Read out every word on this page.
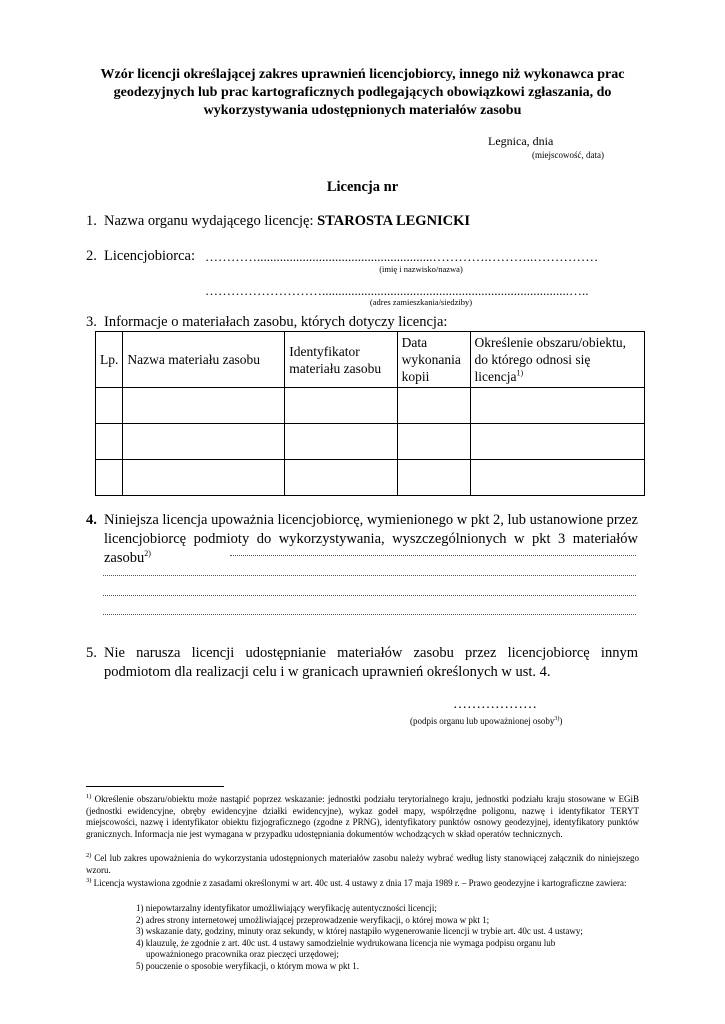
Wzór licencji określającej zakres uprawnień licencjobiorcy, innego niż wykonawca prac geodezyjnych lub prac kartograficznych podlegających obowiązkowi zgłaszania, do wykorzystywania udostępnionych materiałów zasobu
Legnica, dnia
(miejscowość, data)
Licencja nr
1. Nazwa organu wydającego licencję: STAROSTA LEGNICKI
2. Licencjobiorca: …………......................................................………….………..……………
(imię i nazwisko/nazwa)
………………………............................................................................…..
(adres zamieszkania/siedziby)
3. Informacje o materiałach zasobu, których dotyczy licencja:
Lp.	Nazwa materiału zasobu	Identyfikator materiału zasobu	Data wykonania kopii	Określenie obszaru/obiektu, do którego odnosi się licencja$^{1)}$

4. Niniejsza licencja upoważnia licencjobiorcę, wymienionego w pkt 2, lub ustanowione przez licencjobiorcę podmioty do wykorzystywania, wyszczególnionych w pkt 3 materiałów zasobu$^{2)}$
5. Nie narusza licencji udostępnianie materiałów zasobu przez licencjobiorcę innym podmiotom dla realizacji celu i w granicach uprawnień określonych w ust. 4.
………………
(podpis organu lub upoważnionej osoby$^{3)}$)
$^{1)}$ Określenie obszaru/obiektu może nastąpić poprzez wskazanie: jednostki podziału terytorialnego kraju, jednostki podziału kraju stosowane w EGiB (jednostki ewidencyjne, obręby ewidencyjne działki ewidencyjne), wykaz godeł mapy, współrzędne poligonu, nazwę i identyfikator TERYT miejscowości, nazwę i identyfikator obiektu fizjograficznego (zgodne z PRNG), identyfikatory punktów osnowy geodezyjnej, identyfikatory punktów granicznych. Informacja nie jest wymagana w przypadku udostępniania dokumentów wchodzących w skład operatów technicznych.
$^{2)}$ Cel lub zakres upoważnienia do wykorzystania udostępnionych materiałów zasobu należy wybrać według listy stanowiącej załącznik do niniejszego wzoru.
$^{3)}$ Licencja wystawiona zgodnie z zasadami określonymi w art. 40c ust. 4 ustawy z dnia 17 maja 1989 r. – Prawo geodezyjne i kartograficzne zawiera:
1) niepowtarzalny identyfikator umożliwiający weryfikację autentyczności licencji;
2) adres strony internetowej umożliwiającej przeprowadzenie weryfikacji, o której mowa w pkt 1;
3) wskazanie daty, godziny, minuty oraz sekundy, w której nastąpiło wygenerowanie licencji w trybie art. 40c ust. 4 ustawy;
4) klauzulę, że zgodnie z art. 40c ust. 4 ustawy samodzielnie wydrukowana licencja nie wymaga podpisu organu lub
upoważnionego pracownika oraz pieczęci urzędowej;
5) pouczenie o sposobie weryfikacji, o którym mowa w pkt 1.
